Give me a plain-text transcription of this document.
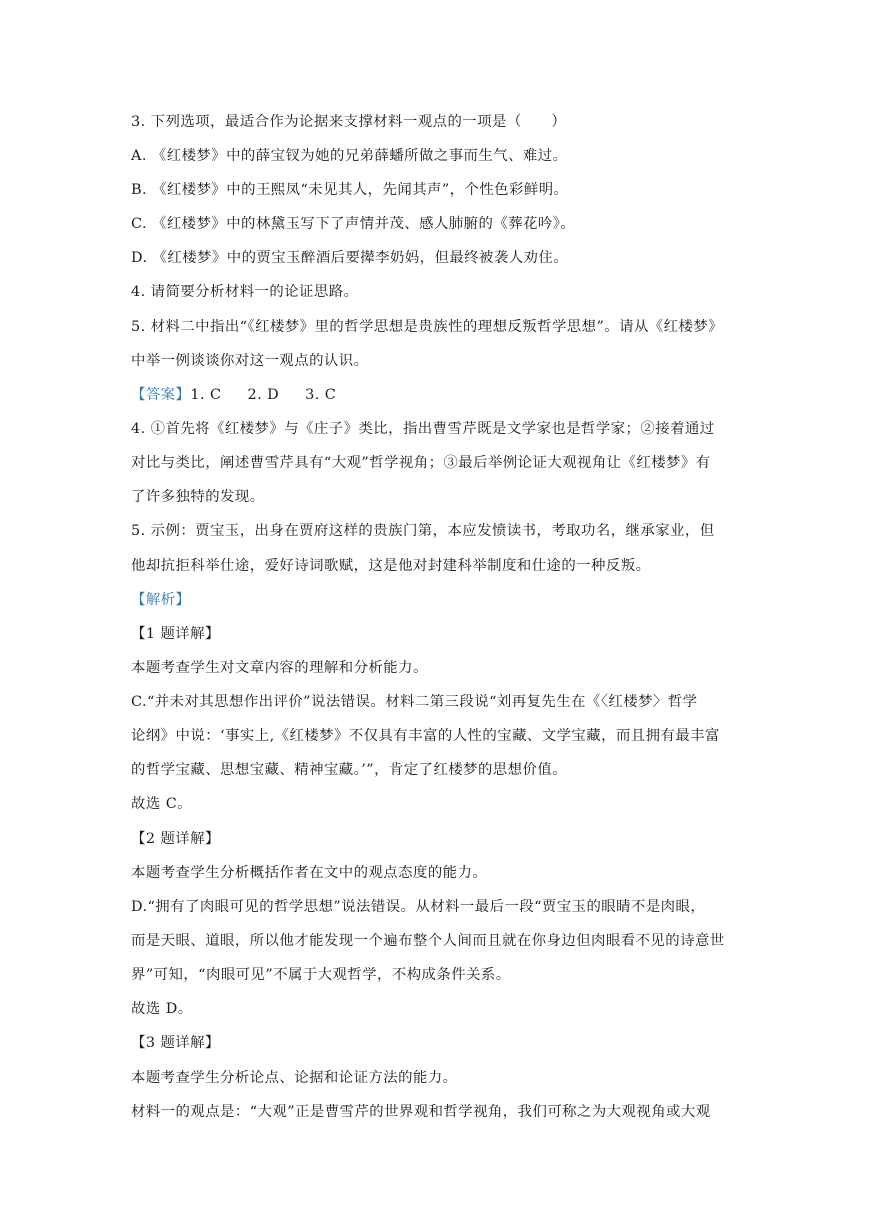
3. 下列选项，最适合作为论据来支撑材料一观点的一项是（　　）
A. 《红楼梦》中的薛宝钗为她的兄弟薛蟠所做之事而生气、难过。
B. 《红楼梦》中的王熙凤“未见其人，先闻其声”，个性色彩鲜明。
C. 《红楼梦》中的林黛玉写下了声情并茂、感人肺腑的《葬花吟》。
D. 《红楼梦》中的贾宝玉醉酒后要撵李奶妈，但最终被袭人劝住。
4. 请简要分析材料一的论证思路。
5. 材料二中指出“《红楼梦》里的哲学思想是贵族性的理想反叛哲学思想”。请从《红楼梦》
中举一例谈谈你对这一观点的认识。
【答案】1. C 2. D 3. C
4. ①首先将《红楼梦》与《庄子》类比，指出曹雪芹既是文学家也是哲学家；②接着通过
对比与类比，阐述曹雪芹具有“大观”哲学视角；③最后举例论证大观视角让《红楼梦》有
了许多独特的发现。
5. 示例：贾宝玉，出身在贾府这样的贵族门第，本应发愤读书，考取功名，继承家业，但
他却抗拒科举仕途，爱好诗词歌赋，这是他对封建科举制度和仕途的一种反叛。
【解析】
【1 题详解】
本题考查学生对文章内容的理解和分析能力。
C.“并未对其思想作出评价”说法错误。材料二第三段说“刘再复先生在《〈红楼梦〉哲学
论纲》中说：‘事实上,《红楼梦》不仅具有丰富的人性的宝藏、文学宝藏，而且拥有最丰富
的哲学宝藏、思想宝藏、精神宝藏。’”，肯定了红楼梦的思想价值。
故选 C。
【2 题详解】
本题考查学生分析概括作者在文中的观点态度的能力。
D.“拥有了肉眼可见的哲学思想”说法错误。从材料一最后一段“贾宝玉的眼睛不是肉眼，
而是天眼、道眼，所以他才能发现一个遍布整个人间而且就在你身边但肉眼看不见的诗意世
界”可知，“肉眼可见”不属于大观哲学，不构成条件关系。
故选 D。
【3 题详解】
本题考查学生分析论点、论据和论证方法的能力。
材料一的观点是：“大观”正是曹雪芹的世界观和哲学视角，我们可称之为大观视角或大观
